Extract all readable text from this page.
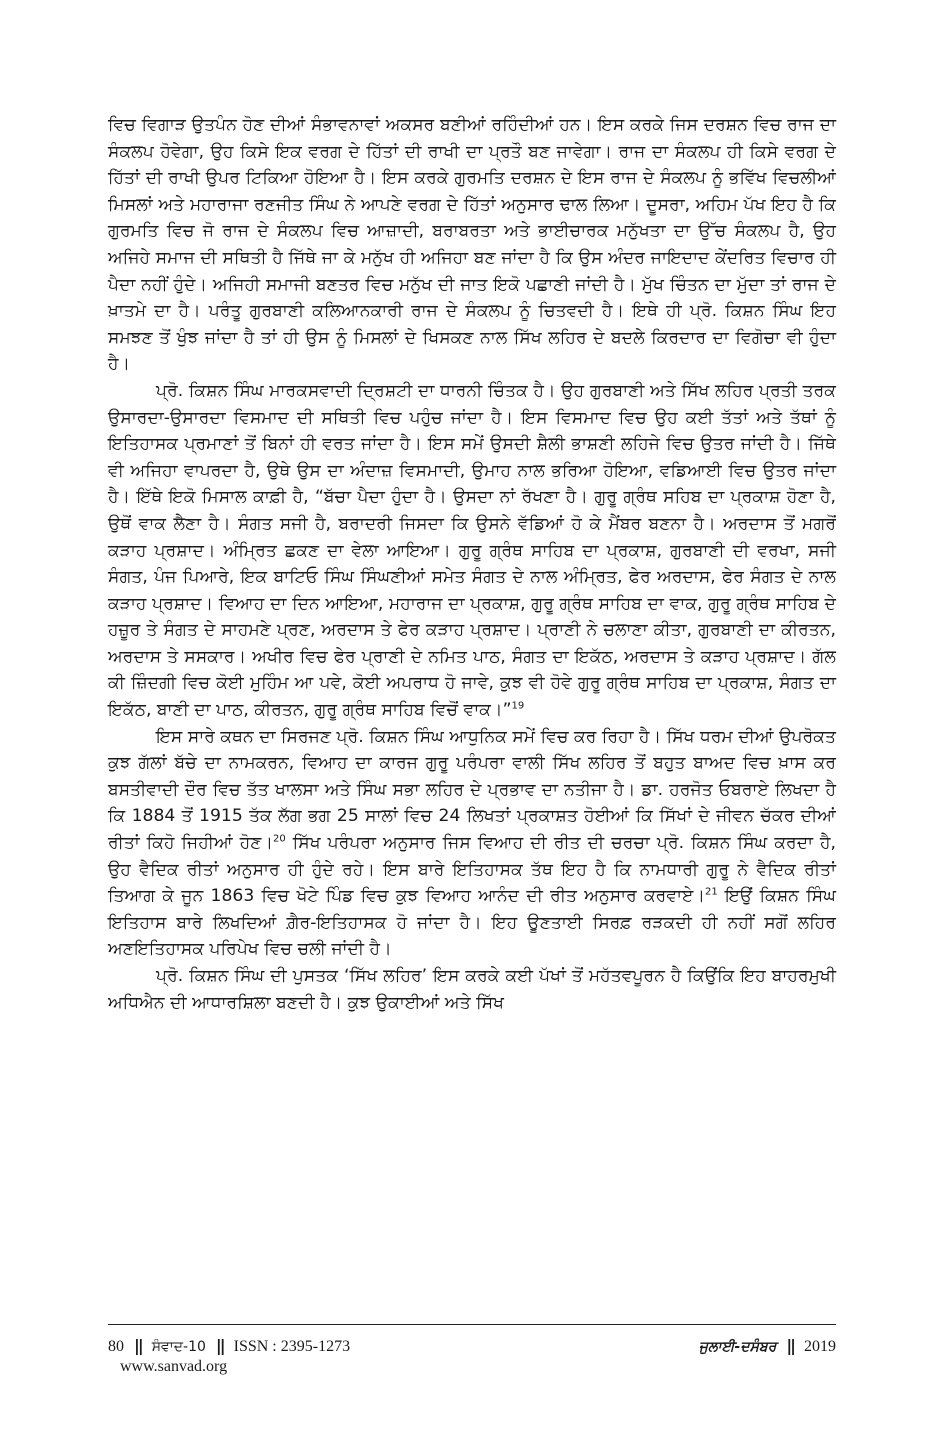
ਵਿਚ ਵਿਗਾੜ ਉਤਪੰਨ ਹੋਣ ਦੀਆਂ ਸੰਭਾਵਨਾਵਾਂ ਅਕਸਰ ਬਣੀਆਂ ਰਹਿੰਦੀਆਂ ਹਨ। ਇਸ ਕਰਕੇ ਜਿਸ ਦਰਸ਼ਨ ਵਿਚ ਰਾਜ ਦਾ ਸੰਕਲਪ ਹੋਵੇਗਾ, ਉਹ ਕਿਸੇ ਇਕ ਵਰਗ ਦੇ ਹਿੱਤਾਂ ਦੀ ਰਾਖੀ ਦਾ ਪ੍ਰਤੌ ਬਣ ਜਾਵੇਗਾ। ਰਾਜ ਦਾ ਸੰਕਲਪ ਹੀ ਕਿਸੇ ਵਰਗ ਦੇ ਹਿੱਤਾਂ ਦੀ ਰਾਖੀ ਉਪਰ ਟਿਕਿਆ ਹੋਇਆ ਹੈ। ਇਸ ਕਰਕੇ ਗੁਰਮਤਿ ਦਰਸ਼ਨ ਦੇ ਇਸ ਰਾਜ ਦੇ ਸੰਕਲਪ ਨੂੰ ਭਵਿੱਖ ਵਿਚਲੀਆਂ ਮਿਸਲਾਂ ਅਤੇ ਮਹਾਰਾਜਾ ਰਣਜੀਤ ਸਿੰਘ ਨੇ ਆਪਣੇ ਵਰਗ ਦੇ ਹਿੱਤਾਂ ਅਨੁਸਾਰ ਢਾਲ ਲਿਆ। ਦੂਸਰਾ, ਅਹਿਮ ਪੱਖ ਇਹ ਹੈ ਕਿ ਗੁਰਮਤਿ ਵਿਚ ਜੋ ਰਾਜ ਦੇ ਸੰਕਲਪ ਵਿਚ ਆਜ਼ਾਦੀ, ਬਰਾਬਰਤਾ ਅਤੇ ਭਾਈਚਾਰਕ ਮਨੁੱਖਤਾ ਦਾ ਉੱਚ ਸੰਕਲਪ ਹੈ, ਉਹ ਅਜਿਹੇ ਸਮਾਜ ਦੀ ਸਥਿਤੀ ਹੈ ਜਿੱਥੇ ਜਾ ਕੇ ਮਨੁੱਖ ਹੀ ਅਜਿਹਾ ਬਣ ਜਾਂਦਾ ਹੈ ਕਿ ਉਸ ਅੰਦਰ ਜਾਇਦਾਦ ਕੇਂਦਰਿਤ ਵਿਚਾਰ ਹੀ ਪੈਦਾ ਨਹੀਂ ਹੁੰਦੇ। ਅਜਿਹੀ ਸਮਾਜੀ ਬਣਤਰ ਵਿਚ ਮਨੁੱਖ ਦੀ ਜਾਤ ਇਕੋ ਪਛਾਣੀ ਜਾਂਦੀ ਹੈ। ਮੁੱਖ ਚਿੰਤਨ ਦਾ ਮੁੱਦਾ ਤਾਂ ਰਾਜ ਦੇ ਖ਼ਾਤਮੇ ਦਾ ਹੈ। ਪਰੰਤੂ ਗੁਰਬਾਣੀ ਕਲਿਆਨਕਾਰੀ ਰਾਜ ਦੇ ਸੰਕਲਪ ਨੂੰ ਚਿਤਵਦੀ ਹੈ। ਇਥੇ ਹੀ ਪ੍ਰੋ. ਕਿਸ਼ਨ ਸਿੰਘ ਇਹ ਸਮਝਣ ਤੋਂ ਖੁੰਝ ਜਾਂਦਾ ਹੈ ਤਾਂ ਹੀ ਉਸ ਨੂੰ ਮਿਸਲਾਂ ਦੇ ਖਿਸਕਣ ਨਾਲ ਸਿੱਖ ਲਹਿਰ ਦੇ ਬਦਲੇ ਕਿਰਦਾਰ ਦਾ ਵਿਗੋਚਾ ਵੀ ਹੁੰਦਾ ਹੈ।

ਪ੍ਰੋ. ਕਿਸ਼ਨ ਸਿੰਘ ਮਾਰਕਸਵਾਦੀ ਦ੍ਰਿਸ਼ਟੀ ਦਾ ਧਾਰਨੀ ਚਿੰਤਕ ਹੈ। ਉਹ ਗੁਰਬਾਣੀ ਅਤੇ ਸਿੱਖ ਲਹਿਰ ਪ੍ਰਤੀ ਤਰਕ ਉਸਾਰਦਾ-ਉਸਾਰਦਾ ਵਿਸਮਾਦ ਦੀ ਸਥਿਤੀ ਵਿਚ ਪਹੁੰਚ ਜਾਂਦਾ ਹੈ। ਇਸ ਵਿਸਮਾਦ ਵਿਚ ਉਹ ਕਈ ਤੱਤਾਂ ਅਤੇ ਤੱਥਾਂ ਨੂੰ ਇਤਿਹਾਸਕ ਪ੍ਰਮਾਣਾਂ ਤੋਂ ਬਿਨਾਂ ਹੀ ਵਰਤ ਜਾਂਦਾ ਹੈ। ਇਸ ਸਮੇਂ ਉਸਦੀ ਸ਼ੈਲੀ ਭਾਸ਼ਣੀ ਲਹਿਜੇ ਵਿਚ ਉਤਰ ਜਾਂਦੀ ਹੈ। ਜਿੱਥੇ ਵੀ ਅਜਿਹਾ ਵਾਪਰਦਾ ਹੈ, ਉਥੇ ਉਸ ਦਾ ਅੰਦਾਜ਼ ਵਿਸਮਾਦੀ, ਉਮਾਹ ਨਾਲ ਭਰਿਆ ਹੋਇਆ, ਵਡਿਆਈ ਵਿਚ ਉਤਰ ਜਾਂਦਾ ਹੈ। ਇੱਥੇ ਇਕੋ ਮਿਸਾਲ ਕਾਫ਼ੀ ਹੈ, “ਬੱਚਾ ਪੈਦਾ ਹੁੰਦਾ ਹੈ। ਉਸਦਾ ਨਾਂ ਰੱਖਣਾ ਹੈ। ਗੁਰੂ ਗ੍ਰੰਥ ਸਹਿਬ ਦਾ ਪ੍ਰਕਾਸ਼ ਹੋਣਾ ਹੈ, ਉਥੋਂ ਵਾਕ ਲੈਣਾ ਹੈ। ਸੰਗਤ ਸਜੀ ਹੈ, ਬਰਾਦਰੀ ਜਿਸਦਾ ਕਿ ਉਸਨੇ ਵੱਡਿਆਂ ਹੋ ਕੇ ਮੈਂਬਰ ਬਣਨਾ ਹੈ। ਅਰਦਾਸ ਤੋਂ ਮਗਰੋਂ ਕੜਾਹ ਪ੍ਰਸ਼ਾਦ। ਅੰਮ੍ਰਿਤ ਛਕਣ ਦਾ ਵੇਲਾ ਆਇਆ। ਗੁਰੂ ਗ੍ਰੰਥ ਸਾਹਿਬ ਦਾ ਪ੍ਰਕਾਸ਼, ਗੁਰਬਾਣੀ ਦੀ ਵਰਖਾ, ਸਜੀ ਸੰਗਤ, ਪੰਜ ਪਿਆਰੇ, ਇਕ ਬਾਟਿਓ ਸਿੰਘ ਸਿੰਘਣੀਆਂ ਸਮੇਤ ਸੰਗਤ ਦੇ ਨਾਲ ਅੰਮ੍ਰਿਤ, ਫੇਰ ਅਰਦਾਸ, ਫੇਰ ਸੰਗਤ ਦੇ ਨਾਲ ਕੜਾਹ ਪ੍ਰਸ਼ਾਦ। ਵਿਆਹ ਦਾ ਦਿਨ ਆਇਆ, ਮਹਾਰਾਜ ਦਾ ਪ੍ਰਕਾਸ਼, ਗੁਰੂ ਗ੍ਰੰਥ ਸਾਹਿਬ ਦਾ ਵਾਕ, ਗੁਰੂ ਗ੍ਰੰਥ ਸਾਹਿਬ ਦੇ ਹਜ਼ੂਰ ਤੇ ਸੰਗਤ ਦੇ ਸਾਹਮਣੇ ਪ੍ਰਣ, ਅਰਦਾਸ ਤੇ ਫੇਰ ਕੜਾਹ ਪ੍ਰਸ਼ਾਦ। ਪ੍ਰਾਣੀ ਨੇ ਚਲਾਣਾ ਕੀਤਾ, ਗੁਰਬਾਣੀ ਦਾ ਕੀਰਤਨ, ਅਰਦਾਸ ਤੇ ਸਸਕਾਰ। ਅਖੀਰ ਵਿਚ ਫੇਰ ਪ੍ਰਾਣੀ ਦੇ ਨਮਿਤ ਪਾਠ, ਸੰਗਤ ਦਾ ਇਕੱਠ, ਅਰਦਾਸ ਤੇ ਕੜਾਹ ਪ੍ਰਸ਼ਾਦ। ਗੱਲ ਕੀ ਜ਼ਿੰਦਗੀ ਵਿਚ ਕੋਈ ਮੁਹਿੰਮ ਆ ਪਵੇ, ਕੋਈ ਅਪਰਾਧ ਹੋ ਜਾਵੇ, ਕੁਝ ਵੀ ਹੋਵੇ ਗੁਰੂ ਗ੍ਰੰਥ ਸਾਹਿਬ ਦਾ ਪ੍ਰਕਾਸ਼, ਸੰਗਤ ਦਾ ਇਕੱਠ, ਬਾਣੀ ਦਾ ਪਾਠ, ਕੀਰਤਨ, ਗੁਰੂ ਗ੍ਰੰਥ ਸਾਹਿਬ ਵਿਚੋਂ ਵਾਕ।”$^{19}$

ਇਸ ਸਾਰੇ ਕਥਨ ਦਾ ਸਿਰਜਣ ਪ੍ਰੋ. ਕਿਸ਼ਨ ਸਿੰਘ ਆਧੁਨਿਕ ਸਮੇਂ ਵਿਚ ਕਰ ਰਿਹਾ ਹੈ। ਸਿੱਖ ਧਰਮ ਦੀਆਂ ਉਪਰੋਕਤ ਕੁਝ ਗੱਲਾਂ ਬੱਚੇ ਦਾ ਨਾਮਕਰਨ, ਵਿਆਹ ਦਾ ਕਾਰਜ ਗੁਰੂ ਪਰੰਪਰਾ ਵਾਲੀ ਸਿੱਖ ਲਹਿਰ ਤੋਂ ਬਹੁਤ ਬਾਅਦ ਵਿਚ ਖ਼ਾਸ ਕਰ ਬਸਤੀਵਾਦੀ ਦੌਰ ਵਿਚ ਤੱਤ ਖਾਲਸਾ ਅਤੇ ਸਿੰਘ ਸਭਾ ਲਹਿਰ ਦੇ ਪ੍ਰਭਾਵ ਦਾ ਨਤੀਜਾ ਹੈ। ਡਾ. ਹਰਜੋਤ ਓਬਰਾਏ ਲਿਖਦਾ ਹੈ ਕਿ 1884 ਤੋਂ 1915 ਤੱਕ ਲੱਗ ਭਗ 25 ਸਾਲਾਂ ਵਿਚ 24 ਲਿਖਤਾਂ ਪ੍ਰਕਾਸ਼ਤ ਹੋਈਆਂ ਕਿ ਸਿੱਖਾਂ ਦੇ ਜੀਵਨ ਚੱਕਰ ਦੀਆਂ ਰੀਤਾਂ ਕਿਹੋ ਜਿਹੀਆਂ ਹੋਣ।$^{20}$ ਸਿੱਖ ਪਰੰਪਰਾ ਅਨੁਸਾਰ ਜਿਸ ਵਿਆਹ ਦੀ ਰੀਤ ਦੀ ਚਰਚਾ ਪ੍ਰੋ. ਕਿਸ਼ਨ ਸਿੰਘ ਕਰਦਾ ਹੈ, ਉਹ ਵੈਦਿਕ ਰੀਤਾਂ ਅਨੁਸਾਰ ਹੀ ਹੁੰਦੇ ਰਹੇ। ਇਸ ਬਾਰੇ ਇਤਿਹਾਸਕ ਤੱਥ ਇਹ ਹੈ ਕਿ ਨਾਮਧਾਰੀ ਗੁਰੂ ਨੇ ਵੈਦਿਕ ਰੀਤਾਂ ਤਿਆਗ ਕੇ ਜੂਨ 1863 ਵਿਚ ਖੋਟੇ ਪਿੰਡ ਵਿਚ ਕੁਝ ਵਿਆਹ ਆਨੰਦ ਦੀ ਰੀਤ ਅਨੁਸਾਰ ਕਰਵਾਏ।$^{21}$ ਇਉਂ ਕਿਸ਼ਨ ਸਿੰਘ ਇਤਿਹਾਸ ਬਾਰੇ ਲਿਖਦਿਆਂ ਗ਼ੈਰ-ਇਤਿਹਾਸਕ ਹੋ ਜਾਂਦਾ ਹੈ। ਇਹ ਊਣਤਾਈ ਸਿਰਫ਼ ਰੜਕਦੀ ਹੀ ਨਹੀਂ ਸਗੋਂ ਲਹਿਰ ਅਣਇਤਿਹਾਸਕ ਪਰਿਪੇਖ ਵਿਚ ਚਲੀ ਜਾਂਦੀ ਹੈ।

ਪ੍ਰੋ. ਕਿਸ਼ਨ ਸਿੰਘ ਦੀ ਪੁਸਤਕ ‘ਸਿੱਖ ਲਹਿਰ’ ਇਸ ਕਰਕੇ ਕਈ ਪੱਖਾਂ ਤੋਂ ਮਹੱਤਵਪੂਰਨ ਹੈ ਕਿਉਂਕਿ ਇਹ ਬਾਹਰਮੁਖੀ ਅਧਿਐਨ ਦੀ ਆਧਾਰਸ਼ਿਲਾ ਬਣਦੀ ਹੈ। ਕੁਝ ਉਕਾਈਆਂ ਅਤੇ ਸਿੱਖ

80 || ਸੰਵਾਦ-10 || ISSN : 2395-1273	ਜੁਲਾਈ-ਦਸੰਬਰ || 2019
www.sanvad.org
